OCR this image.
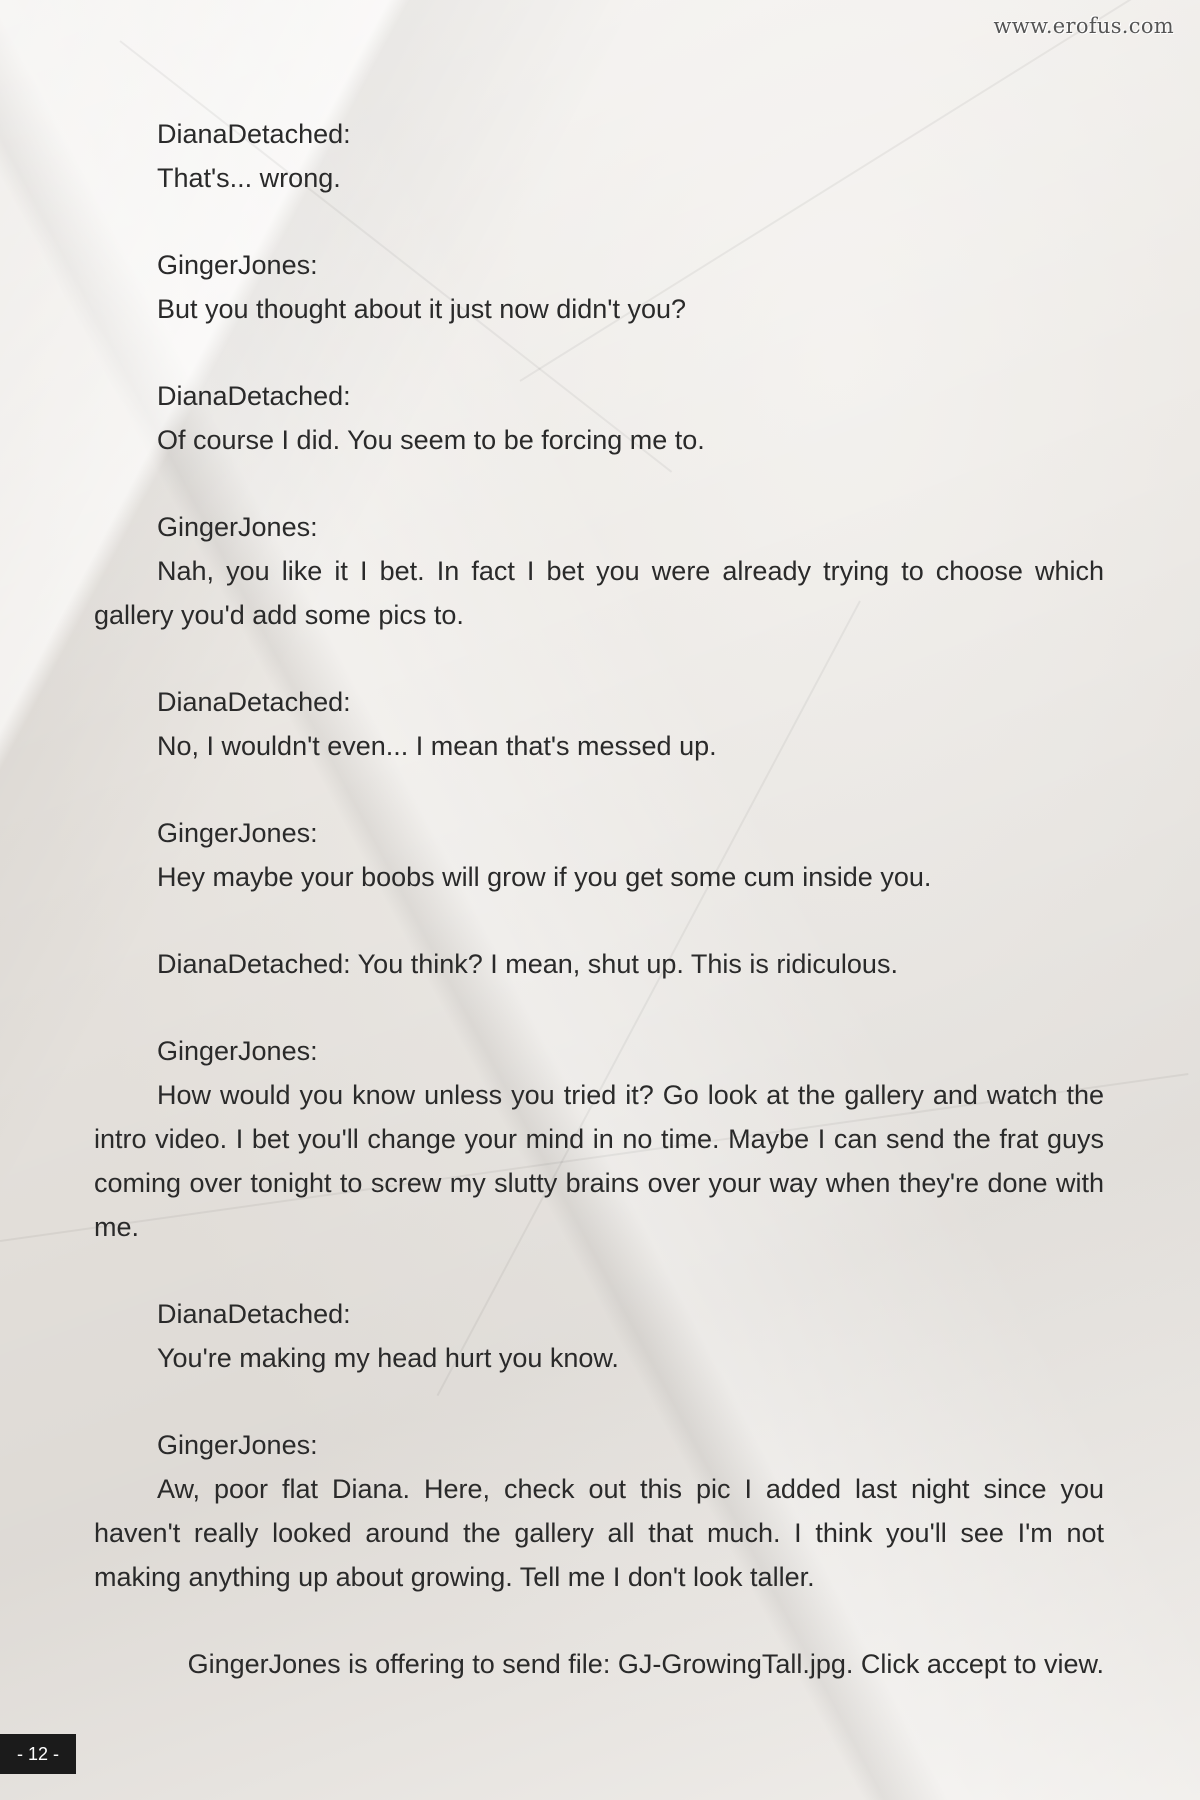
www.erofus.com
DianaDetached:
That's... wrong.
GingerJones:
But you thought about it just now didn't you?
DianaDetached:
Of course I did. You seem to be forcing me to.
GingerJones:
Nah, you like it I bet. In fact I bet you were already trying to choose which gallery you'd add some pics to.
DianaDetached:
No, I wouldn't even... I mean that's messed up.
GingerJones:
Hey maybe your boobs will grow if you get some cum inside you.
DianaDetached: You think? I mean, shut up. This is ridiculous.
GingerJones:
How would you know unless you tried it? Go look at the gallery and watch the intro video. I bet you'll change your mind in no time. Maybe I can send the frat guys coming over tonight to screw my slutty brains over your way when they're done with me.
DianaDetached:
You're making my head hurt you know.
GingerJones:
Aw, poor flat Diana. Here, check out this pic I added last night since you haven't really looked around the gallery all that much. I think you'll see I'm not making anything up about growing. Tell me I don't look taller.
GingerJones is offering to send file: GJ-GrowingTall.jpg. Click accept to view.
- 12 -
